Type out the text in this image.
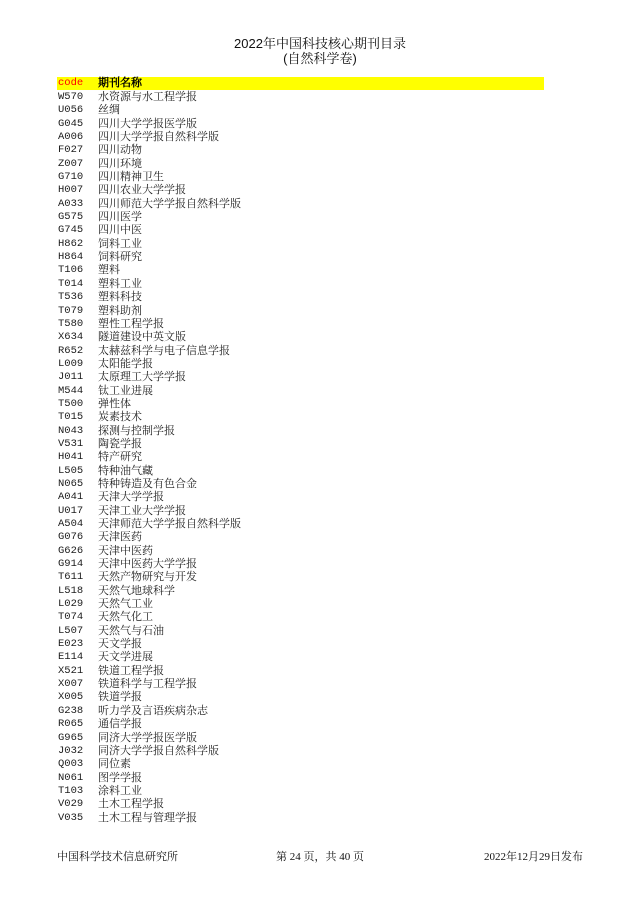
2022年中国科技核心期刊目录
(自然科学卷)
code	期刊名称
W570	水资源与水工程学报
U056	丝绸
G045	四川大学学报医学版
A006	四川大学学报自然科学版
F027	四川动物
Z007	四川环境
G710	四川精神卫生
H007	四川农业大学学报
A033	四川师范大学学报自然科学版
G575	四川医学
G745	四川中医
H862	饲料工业
H864	饲料研究
T106	塑料
T014	塑料工业
T536	塑料科技
T079	塑料助剂
T580	塑性工程学报
X634	隧道建设中英文版
R652	太赫兹科学与电子信息学报
L009	太阳能学报
J011	太原理工大学学报
M544	钛工业进展
T500	弹性体
T015	炭素技术
N043	探测与控制学报
V531	陶瓷学报
H041	特产研究
L505	特种油气藏
N065	特种铸造及有色合金
A041	天津大学学报
U017	天津工业大学学报
A504	天津师范大学学报自然科学版
G076	天津医药
G626	天津中医药
G914	天津中医药大学学报
T611	天然产物研究与开发
L518	天然气地球科学
L029	天然气工业
T074	天然气化工
L507	天然气与石油
E023	天文学报
E114	天文学进展
X521	铁道工程学报
X007	铁道科学与工程学报
X005	铁道学报
G238	听力学及言语疾病杂志
R065	通信学报
G965	同济大学学报医学版
J032	同济大学学报自然科学版
Q003	同位素
N061	图学学报
T103	涂料工业
V029	土木工程学报
V035	土木工程与管理学报
中国科学技术信息研究所	第 24 页，共 40 页	2022年12月29日发布
